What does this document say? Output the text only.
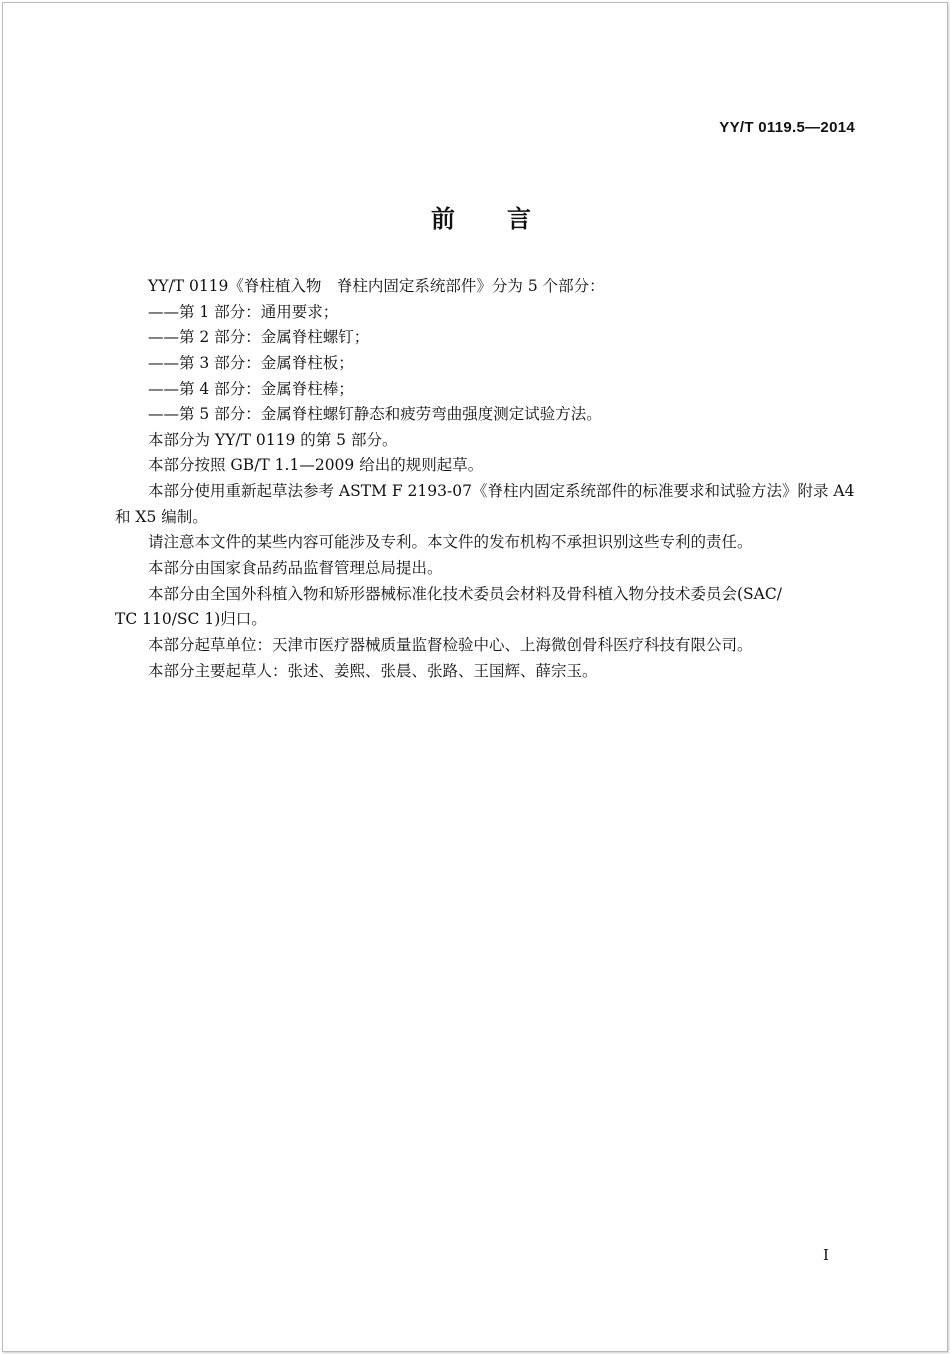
YY/T 0119.5—2014
前 言
YY/T 0119《脊柱植入物　脊柱内固定系统部件》分为 5 个部分：
——第 1 部分：通用要求；
——第 2 部分：金属脊柱螺钉；
——第 3 部分：金属脊柱板；
——第 4 部分：金属脊柱棒；
——第 5 部分：金属脊柱螺钉静态和疲劳弯曲强度测定试验方法。
本部分为 YY/T 0119 的第 5 部分。
本部分按照 GB/T 1.1—2009 给出的规则起草。
本部分使用重新起草法参考 ASTM F 2193-07《脊柱内固定系统部件的标准要求和试验方法》附录 A4
和 X5 编制。
请注意本文件的某些内容可能涉及专利。本文件的发布机构不承担识别这些专利的责任。
本部分由国家食品药品监督管理总局提出。
本部分由全国外科植入物和矫形器械标准化技术委员会材料及骨科植入物分技术委员会(SAC/
TC 110/SC 1)归口。
本部分起草单位：天津市医疗器械质量监督检验中心、上海微创骨科医疗科技有限公司。
本部分主要起草人：张述、姜熙、张晨、张路、王国辉、薛宗玉。
I
